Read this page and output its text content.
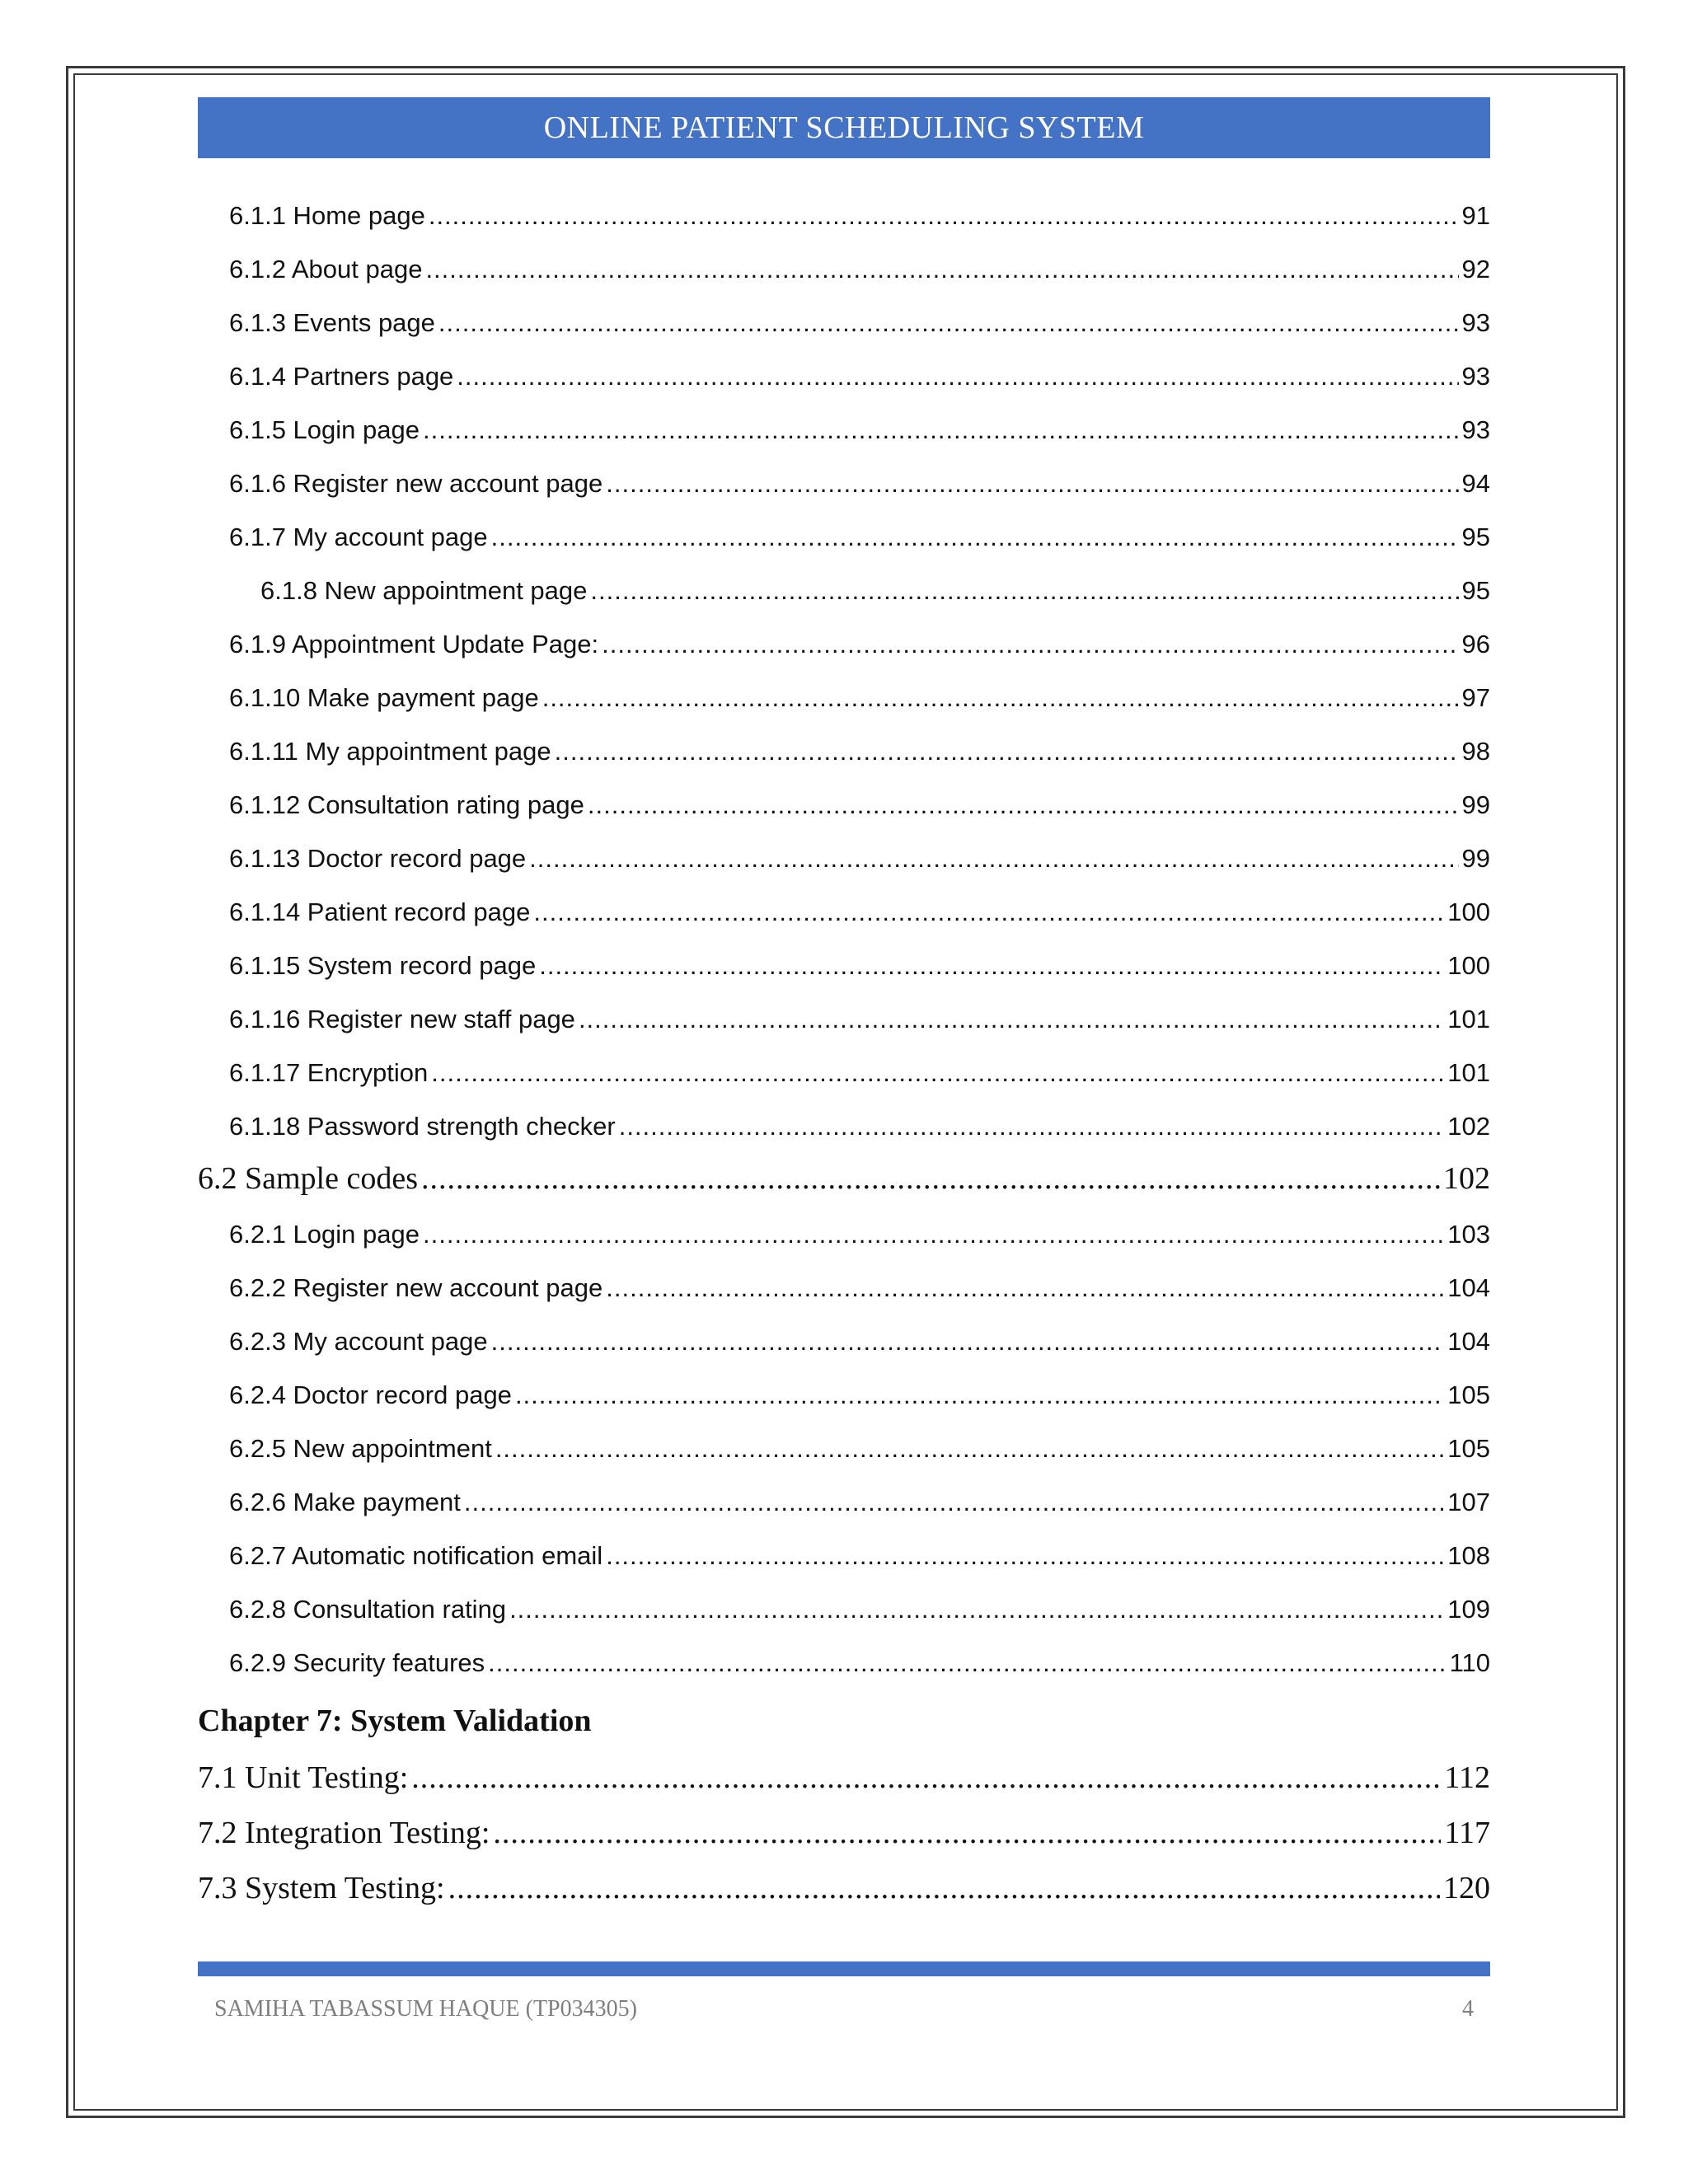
ONLINE PATIENT SCHEDULING SYSTEM
6.1.1 Home page .....	91
6.1.2 About page .....	92
6.1.3 Events page .....	93
6.1.4 Partners page .....	93
6.1.5 Login page .....	93
6.1.6 Register new account page .....	94
6.1.7 My account page .....	95
6.1.8 New appointment page .....	95
6.1.9 Appointment Update Page: .....	96
6.1.10 Make payment page .....	97
6.1.11 My appointment page .....	98
6.1.12 Consultation rating page .....	99
6.1.13 Doctor record page .....	99
6.1.14 Patient record page .....	100
6.1.15 System record page .....	100
6.1.16 Register new staff page .....	101
6.1.17 Encryption .....	101
6.1.18 Password strength checker .....	102
6.2 Sample codes .....	102
6.2.1 Login page .....	103
6.2.2 Register new account page .....	104
6.2.3 My account page .....	104
6.2.4 Doctor record page .....	105
6.2.5 New appointment .....	105
6.2.6 Make payment .....	107
6.2.7 Automatic notification email .....	108
6.2.8 Consultation rating .....	109
6.2.9 Security features .....	110
Chapter 7: System Validation
7.1 Unit Testing: .....	112
7.2 Integration Testing: .....	117
7.3 System Testing: .....	120
SAMIHA TABASSUM HAQUE (TP034305)	4
